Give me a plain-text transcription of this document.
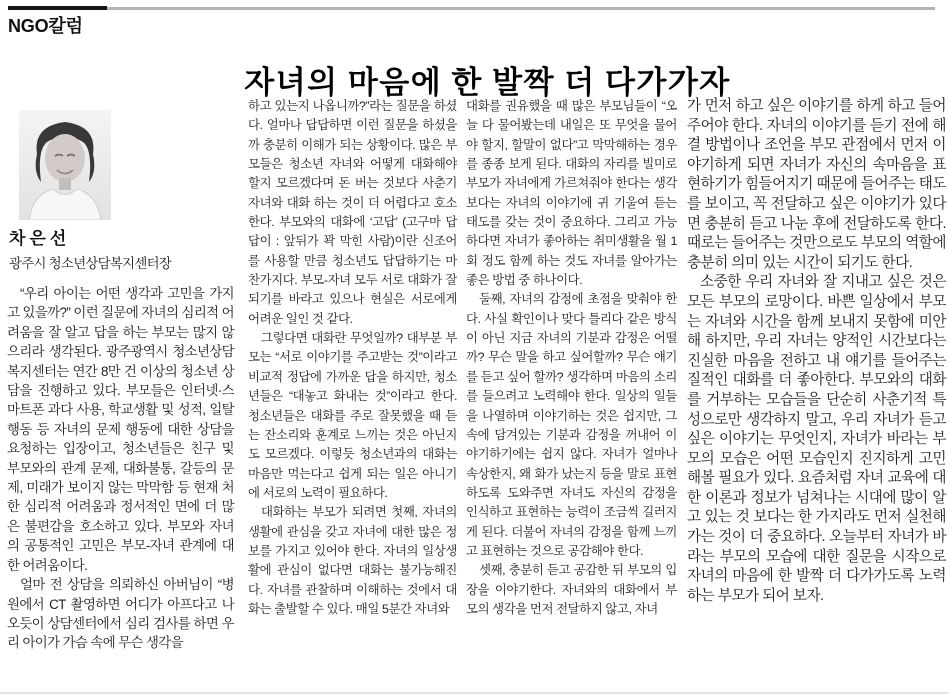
NGO칼럼
자녀의 마음에 한 발짝 더 다가가자
차은선
광주시 청소년상담복지센터장

“우리 아이는 어떤 생각과 고민을 가지고 있을까?” 이런 질문에 자녀의 심리적 어려움을 잘 알고 답을 하는 부모는 많지 않으리라 생각된다. 광주광역시 청소년상담복지센터는 연간 8만 건 이상의 청소년 상담을 진행하고 있다. 부모들은 인터넷·스마트폰 과다 사용, 학교생활 및 성적, 일탈 행동 등 자녀의 문제 행동에 대한 상담을 요청하는 입장이고, 청소년들은 친구 및 부모와의 관계 문제, 대화불통, 갈등의 문제, 미래가 보이지 않는 막막함 등 현재 처한 심리적 어려움과 정서적인 면에 더 많은 불편감을 호소하고 있다. 부모와 자녀의 공통적인 고민은 부모-자녀 관계에 대한 어려움이다.

얼마 전 상담을 의뢰하신 아버님이 “병원에서 CT 촬영하면 어디가 아프다고 나오듯이 상담센터에서 심리 검사를 하면 우리 아이가 가슴 속에 무슨 생각을

하고 있는지 나옵니까?”라는 질문을 하셨다. 얼마나 답답하면 이런 질문을 하셨을까 충분히 이해가 되는 상황이다. 많은 부모들은 청소년 자녀와 어떻게 대화해야 할지 모르겠다며 돈 버는 것보다 사춘기 자녀와 대화 하는 것이 더 어렵다고 호소한다. 부모와의 대화에 ‘고답’ (고구마 답답이 : 앞뒤가 꽉 막힌 사람)이란 신조어를 사용할 만큼 청소년도 답답하기는 마찬가지다. 부모-자녀 모두 서로 대화가 잘 되기를 바라고 있으나 현실은 서로에게 어려운 일인 것 같다.

그렇다면 대화란 무엇일까? 대부분 부모는 “서로 이야기를 주고받는 것”이라고 비교적 정답에 가까운 답을 하지만, 청소년들은 “대놓고 화내는 것”이라고 한다. 청소년들은 대화를 주로 잘못했을 때 듣는 잔소리와 훈계로 느끼는 것은 아닌지도 모르겠다. 이렇듯 청소년과의 대화는 마음만 먹는다고 쉽게 되는 일은 아니기에 서로의 노력이 필요하다.

대화하는 부모가 되려면 첫째, 자녀의 생활에 관심을 갖고 자녀에 대한 많은 정보를 가지고 있어야 한다. 자녀의 일상생활에 관심이 없다면 대화는 불가능해진다. 자녀를 관찰하며 이해하는 것에서 대화는 출발할 수 있다. 매일 5분간 자녀와

대화를 권유했을 때 많은 부모님들이 “오늘 다 물어봤는데 내일은 또 무엇을 물어야 할지, 할말이 없다”고 막막해하는 경우를 종종 보게 된다. 대화의 자리를 빌미로 부모가 자녀에게 가르쳐줘야 한다는 생각보다는 자녀의 이야기에 귀 기울여 듣는 태도를 갖는 것이 중요하다. 그리고 가능하다면 자녀가 좋아하는 취미생활을 월 1회 정도 함께 하는 것도 자녀를 알아가는 좋은 방법 중 하나이다.

둘째, 자녀의 감정에 초점을 맞춰야 한다. 사실 확인이나 맞다 틀리다 같은 방식이 아닌 지금 자녀의 기분과 감정은 어떨까? 무슨 말을 하고 싶어할까? 무슨 얘기를 듣고 싶어 할까? 생각하며 마음의 소리를 들으려고 노력해야 한다. 일상의 일들을 나열하며 이야기하는 것은 쉽지만, 그 속에 담겨있는 기분과 감정을 꺼내어 이야기하기에는 쉽지 않다. 자녀가 얼마나 속상한지, 왜 화가 났는지 등을 말로 표현하도록 도와주면 자녀도 자신의 감정을 인식하고 표현하는 능력이 조금씩 길러지게 된다. 더불어 자녀의 감정을 함께 느끼고 표현하는 것으로 공감해야 한다.

셋째, 충분히 듣고 공감한 뒤 부모의 입장을 이야기한다. 자녀와의 대화에서 부모의 생각을 먼저 전달하지 않고, 자녀

가 먼저 하고 싶은 이야기를 하게 하고 들어주어야 한다. 자녀의 이야기를 듣기 전에 해결 방법이나 조언을 부모 관점에서 먼저 이야기하게 되면 자녀가 자신의 속마음을 표현하기가 힘들어지기 때문에 들어주는 태도를 보이고, 꼭 전달하고 싶은 이야기가 있다면 충분히 듣고 나눈 후에 전달하도록 한다. 때로는 들어주는 것만으로도 부모의 역할에 충분히 의미 있는 시간이 되기도 한다.

소중한 우리 자녀와 잘 지내고 싶은 것은 모든 부모의 로망이다. 바쁜 일상에서 부모는 자녀와 시간을 함께 보내지 못함에 미안해 하지만, 우리 자녀는 양적인 시간보다는 진실한 마음을 전하고 내 얘기를 들어주는 질적인 대화를 더 좋아한다. 부모와의 대화를 거부하는 모습들을 단순히 사춘기적 특성으로만 생각하지 말고, 우리 자녀가 듣고 싶은 이야기는 무엇인지, 자녀가 바라는 부모의 모습은 어떤 모습인지 진지하게 고민해볼 필요가 있다. 요즘처럼 자녀 교육에 대한 이론과 정보가 넘쳐나는 시대에 많이 알고 있는 것 보다는 한 가지라도 먼저 실천해 가는 것이 더 중요하다. 오늘부터 자녀가 바라는 부모의 모습에 대한 질문을 시작으로 자녀의 마음에 한 발짝 더 다가가도록 노력하는 부모가 되어 보자.
